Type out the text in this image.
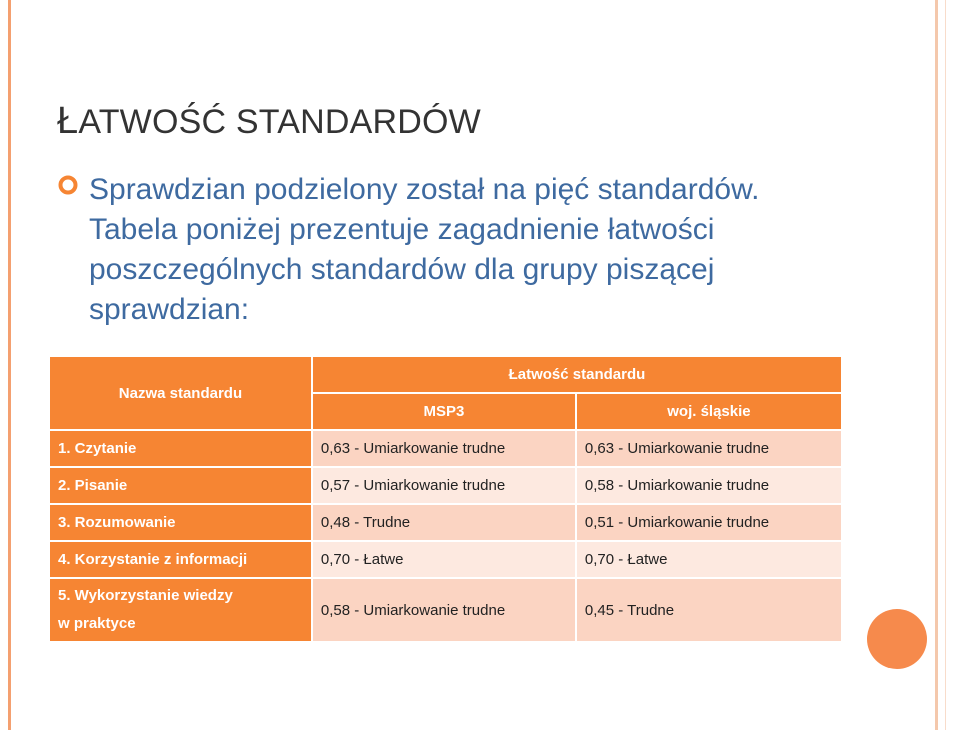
ŁATWOŚĆ STANDARDÓW
Sprawdzian podzielony został na pięć standardów. Tabela poniżej prezentuje zagadnienie łatwości poszczególnych standardów dla grupy piszącej sprawdzian:
Nazwa standardu	Łatwość standardu	
	MSP3	woj. śląskie
1. Czytanie	0,63 - Umiarkowanie trudne	0,63 - Umiarkowanie trudne
2. Pisanie	0,57 - Umiarkowanie trudne	0,58 - Umiarkowanie trudne
3. Rozumowanie	0,48 - Trudne	0,51 - Umiarkowanie trudne
4. Korzystanie z informacji	0,70 - Łatwe	0,70 - Łatwe
5. Wykorzystanie wiedzy
w praktyce	0,58 - Umiarkowanie trudne	0,45 - Trudne
